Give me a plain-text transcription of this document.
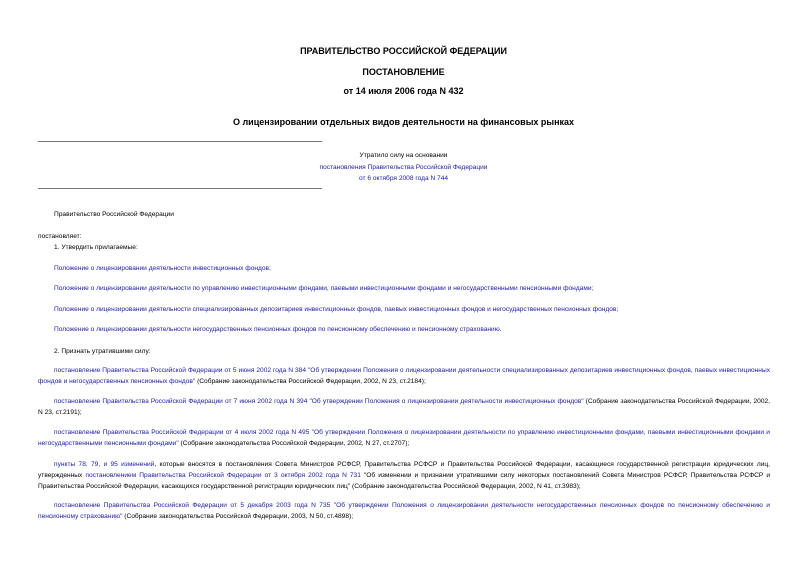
ПРАВИТЕЛЬСТВО РОССИЙСКОЙ ФЕДЕРАЦИИ
ПОСТАНОВЛЕНИЕ
от 14 июля 2006 года N 432
О лицензировании отдельных видов деятельности на финансовых рынках
Утратило силу на основании
постановления Правительства Российской Федерации
от 6 октября 2008 года N 744
Правительство Российской Федерации
постановляет:
1. Утвердить прилагаемые:
Положение о лицензировании деятельности инвестиционных фондов;
Положение о лицензировании деятельности по управлению инвестиционными фондами, паевыми инвестиционными фондами и негосударственными пенсионными фондами;
Положение о лицензировании деятельности специализированных депозитариев инвестиционных фондов, паевых инвестиционных фондов и негосударственных пенсионных фондов;
Положение о лицензировании деятельности негосударственных пенсионных фондов по пенсионному обеспечению и пенсионному страхованию.
2. Признать утратившими силу:
постановление Правительства Российской Федерации от 5 июня 2002 года N 384 "Об утверждении Положения о лицензировании деятельности специализированных депозитариев инвестиционных фондов, паевых инвестиционных фондов и негосударственных пенсионных фондов" (Собрание законодательства Российской Федерации, 2002, N 23, ст.2184);
постановление Правительства Российской Федерации от 7 июня 2002 года N 394 "Об утверждении Положения о лицензировании деятельности инвестиционных фондов" (Собрание законодательства Российской Федерации, 2002, N 23, ст.2191);
постановление Правительства Российской Федерации от 4 июля 2002 года N 495 "Об утверждении Положения о лицензировании деятельности по управлению инвестиционными фондами, паевыми инвестиционными фондами и негосударственными пенсионными фондами" (Собрание законодательства Российской Федерации, 2002, N 27, ст.2707);
пункты 78, 79, и 95 изменений, которые вносятся в постановления Совета Министров РСФСР, Правительства РСФСР и Правительства Российской Федерации, касающиеся государственной регистрации юридических лиц, утвержденных постановлением Правительства Российской Федерации от 3 октября 2002 года N 731 "Об изменении и признании утратившими силу некоторых постановлений Совета Министров РСФСР, Правительства РСФСР и Правительства Российской Федерации, касающихся государственной регистрации юридических лиц" (Собрание законодательства Российской Федерации, 2002, N 41, ст.3983);
постановление Правительства Российской Федерации от 5 декабря 2003 года N 735 "Об утверждении Положения о лицензировании деятельности негосударственных пенсионных фондов по пенсионному обеспечению и пенсионному страхованию" (Собрание законодательства Российской Федерации, 2003, N 50, ст.4898);
